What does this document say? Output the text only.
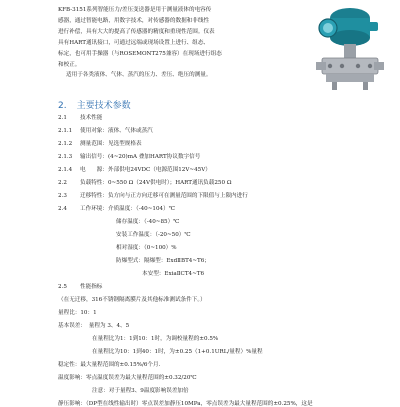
KFB-3151系列智能压力/差压变送器是用于测量液体的电容传
感器，通过智能电路，用数字技术，对传感器的数据和非线性
进行补偿，具有大大的提高了传感器的精度和重现性范围。仪表
具有HART通讯接口，可通过远端或现场设置上进行、组态、
标定，也可用手操器（与ROSEMONT275兼容）在现场进行组态
和校正。
适用于各类液体、气体、蒸汽的压力、差压、绝压的测量。

2. 主要技术参数
2.1 技术性能
2.1.1 使用对象：液体、气体或蒸汽
2.1.2 测量范围：见选型规格表
2.1.3 输出信号：(4~20)mA 叠加HART协议数字信号
2.1.4 电　　源：外部供电24VDC（电源范围12V~45V）
2.2 负载特性：0~550 Ω（24V供电时）；HART通讯负载250 Ω
2.3 迁移特性：负方向与正方向迁移可在测量范围的下限值与上限内进行
2.4 工作环境：介质温度：（-40~104）℃
储存温度：（-40~85）℃
安装工作温度：（-20~50）℃
相对湿度：（0~100）%
防爆型式：隔爆型：ExdⅡBT4~T6；
本安型：ExiaⅡCT4~T6
2.5 性能指标
（在无迁移，316不锈钢隔离膜片及其他标准测试条件下。）
量程比：10：1
基本误差：　量程为 3、4、5
在量程比为1：1到10：1时，为调校量程的±0.5%
在量程比为10：1到40：1时，为±0.25（1+0.1URL/量程）%量程
稳定性：最大量程范围的±0.15%/6个月．
温度影响：零点温度误差为最大量程范围的±0.32/20℃
注意：对于量程3、9温度影响误差加倍
静压影响：（DP型在线性输出时）零点误差加静压10MPa，零点误差为最大量程范围的±0.25%，这是
